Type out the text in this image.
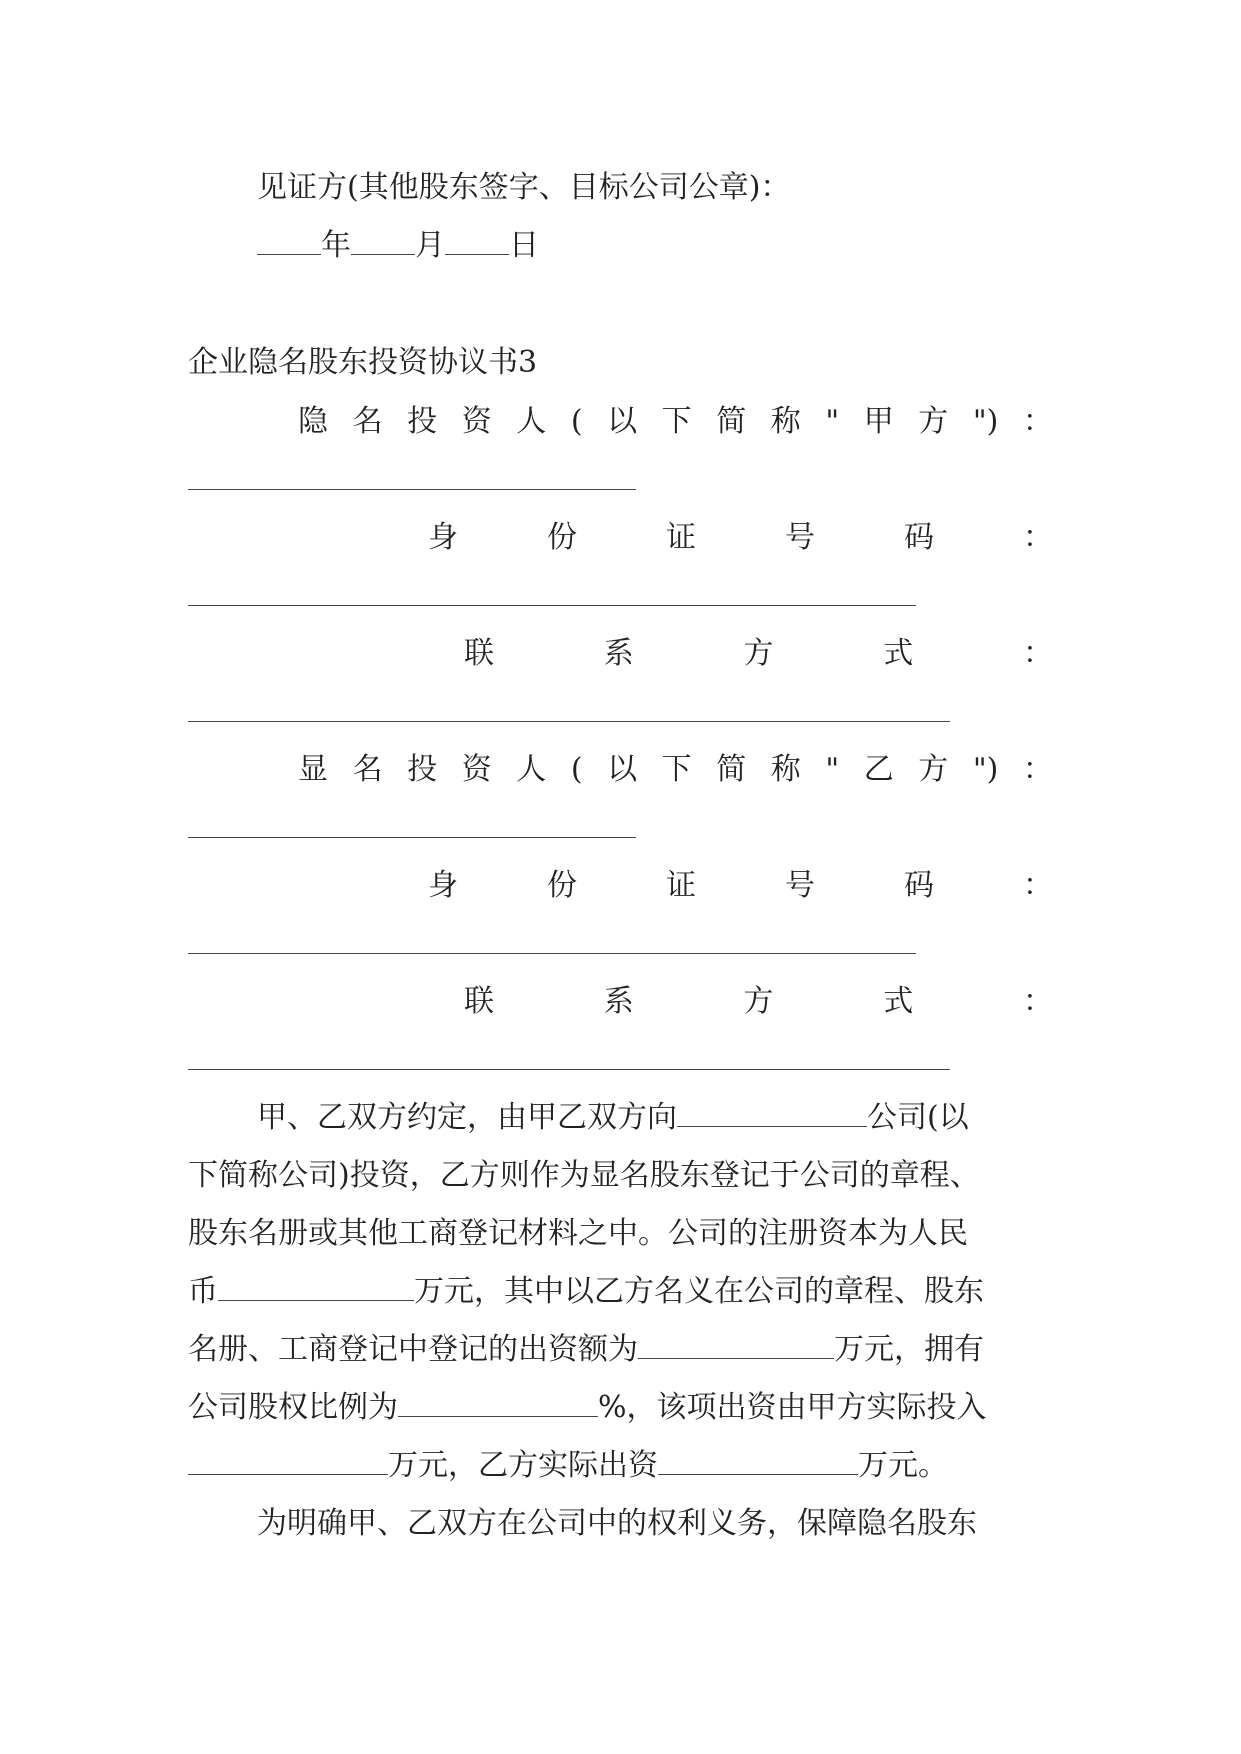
见证方(其他股东签字、目标公司公章)：

年 月 日

企业隐名股东投资协议书3

隐 名 投 资 人 ( 以 下 简 称 " 甲 方 ") ：
身	份	证	号	码	：
联	系	方	式	：
显 名 投 资 人 ( 以 下 简 称 " 乙 方 ") ：
身	份	证	号	码	：
联	系	方	式	：

甲、乙双方约定，由甲乙双方向	公司(以

下简称公司)投资，乙方则作为显名股东登记于公司的章程、

股东名册或其他工商登记材料之中。公司的注册资本为人民

币	万元，其中以乙方名义在公司的章程、股东

名册、工商登记中登记的出资额为	万元，拥有

公司股权比例为	%，该项出资由甲方实际投入

万元，乙方实际出资	万元。

为明确甲、乙双方在公司中的权利义务，保障隐名股东
